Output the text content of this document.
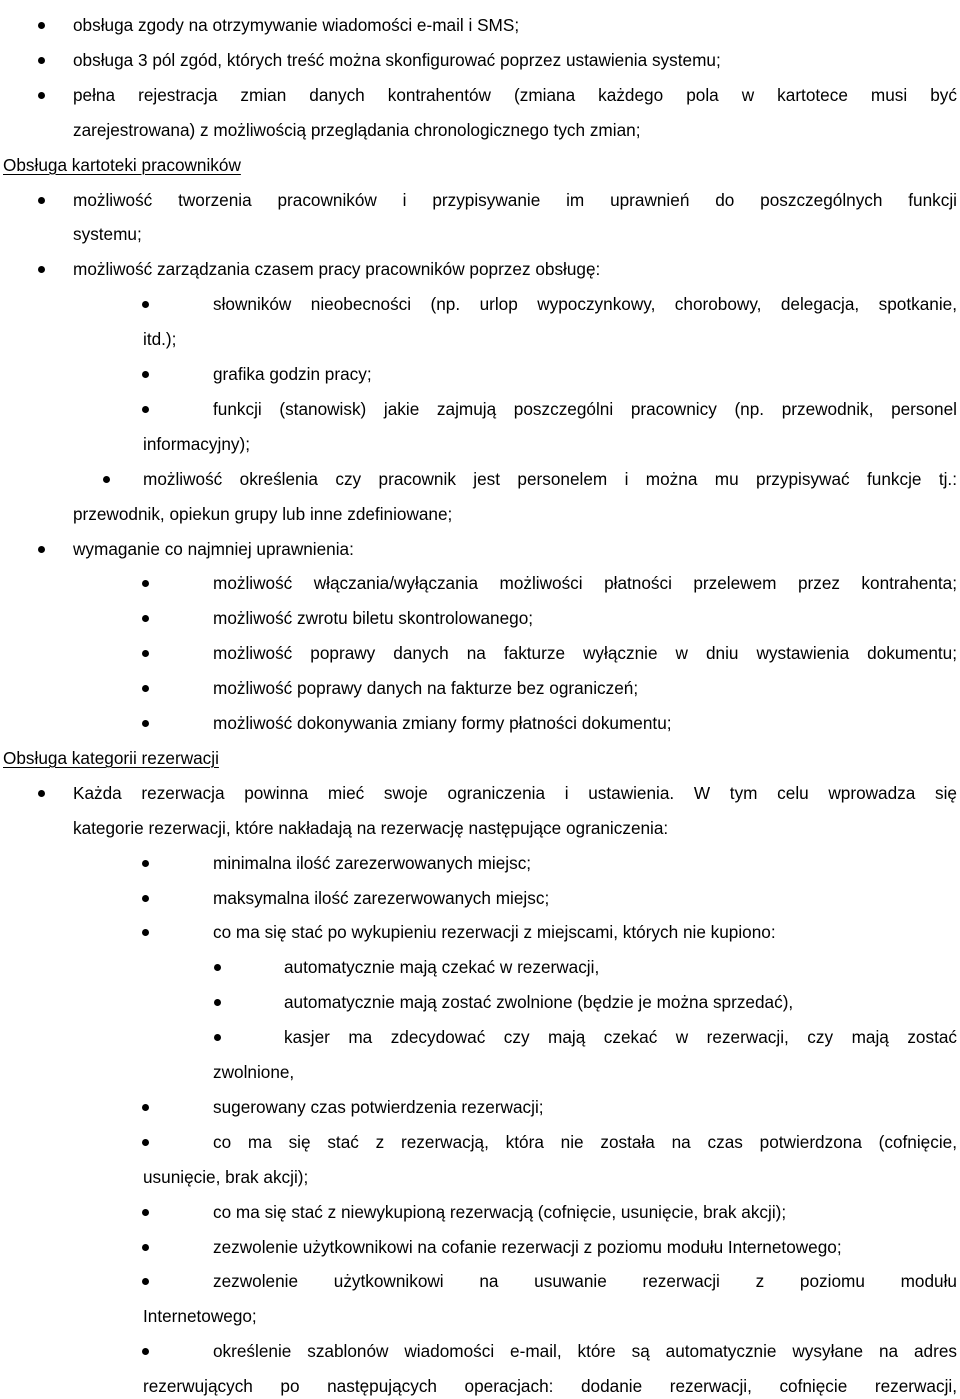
obsługa zgody na otrzymywanie wiadomości e-mail i SMS;
obsługa 3 pól zgód, których treść można skonfigurować poprzez ustawienia systemu;
pełna rejestracja zmian danych kontrahentów (zmiana każdego pola w kartotece musi być
zarejestrowana) z możliwością przeglądania chronologicznego tych zmian;
Obsługa kartoteki pracowników
możliwość tworzenia pracowników i przypisywanie im uprawnień do poszczególnych funkcji
systemu;
możliwość zarządzania czasem pracy pracowników poprzez obsługę:
słowników nieobecności (np. urlop wypoczynkowy, chorobowy, delegacja, spotkanie,
itd.);
grafika godzin pracy;
funkcji (stanowisk) jakie zajmują poszczególni pracownicy (np. przewodnik, personel
informacyjny);
możliwość określenia czy pracownik jest personelem i można mu przypisywać funkcje tj.:
przewodnik, opiekun grupy lub inne zdefiniowane;
wymaganie co najmniej uprawnienia:
możliwość włączania/wyłączania możliwości płatności przelewem przez kontrahenta;
możliwość zwrotu biletu skontrolowanego;
możliwość poprawy danych na fakturze wyłącznie w dniu wystawienia dokumentu;
możliwość poprawy danych na fakturze bez ograniczeń;
możliwość dokonywania zmiany formy płatności dokumentu;
Obsługa kategorii rezerwacji
Każda rezerwacja powinna mieć swoje ograniczenia i ustawienia. W tym celu wprowadza się
kategorie rezerwacji, które nakładają na rezerwację następujące ograniczenia:
minimalna ilość zarezerwowanych miejsc;
maksymalna ilość zarezerwowanych miejsc;
co ma się stać po wykupieniu rezerwacji z miejscami, których nie kupiono:
automatycznie mają czekać w rezerwacji,
automatycznie mają zostać zwolnione (będzie je można sprzedać),
kasjer ma zdecydować czy mają czekać w rezerwacji, czy mają zostać
zwolnione,
sugerowany czas potwierdzenia rezerwacji;
co ma się stać z rezerwacją, która nie została na czas potwierdzona (cofnięcie,
usunięcie, brak akcji);
co ma się stać z niewykupioną rezerwacją (cofnięcie, usunięcie, brak akcji);
zezwolenie użytkownikowi na cofanie rezerwacji z poziomu modułu Internetowego;
zezwolenie użytkownikowi na usuwanie rezerwacji z poziomu modułu
Internetowego;
określenie szablonów wiadomości e-mail, które są automatycznie wysyłane na adres
rezerwujących po następujących operacjach: dodanie rezerwacji, cofnięcie rezerwacji,
